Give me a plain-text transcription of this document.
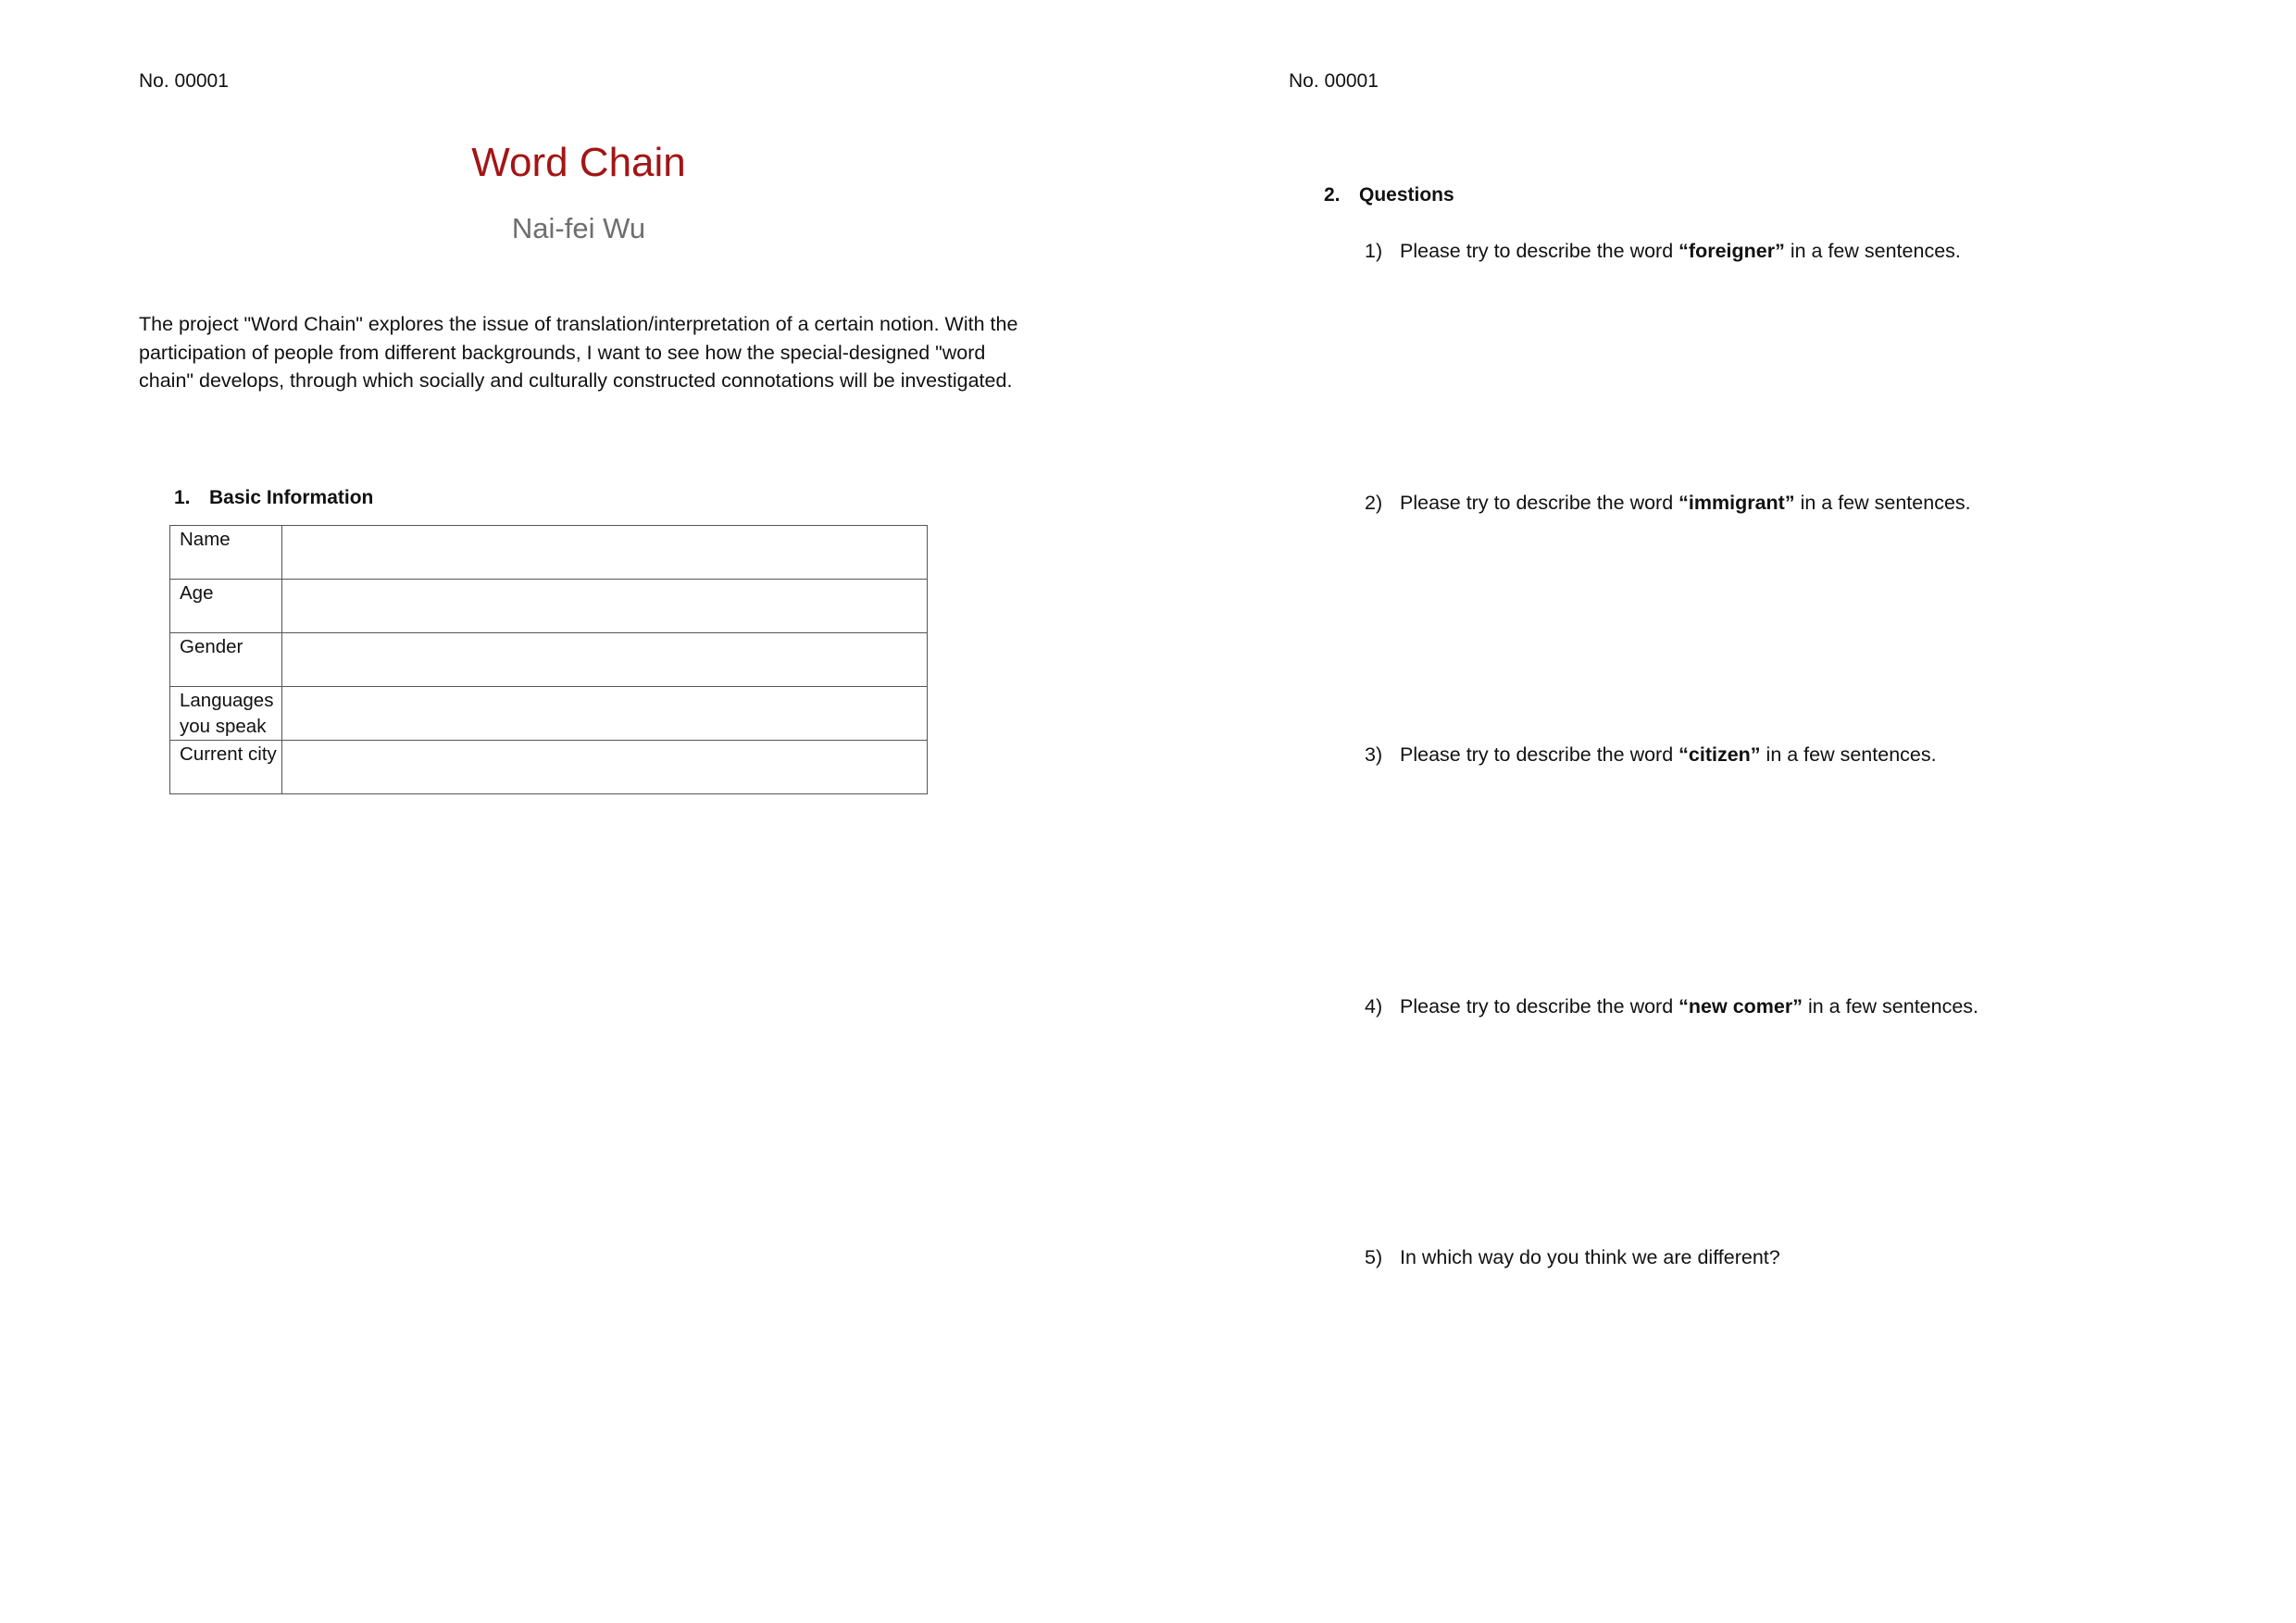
No. 00001
Word Chain
Nai-fei Wu
The project "Word Chain" explores the issue of translation/interpretation of a certain notion. With the participation of people from different backgrounds, I want to see how the special-designed "word chain" develops, through which socially and culturally constructed connotations will be investigated.
1. Basic Information
Name	

Age	

Gender	

Languages you speak	

Current city	

No. 00001
2. Questions
1) Please try to describe the word “foreigner” in a few sentences.
2) Please try to describe the word “immigrant” in a few sentences.
3) Please try to describe the word “citizen” in a few sentences.
4) Please try to describe the word “new comer” in a few sentences.
5) In which way do you think we are different?
